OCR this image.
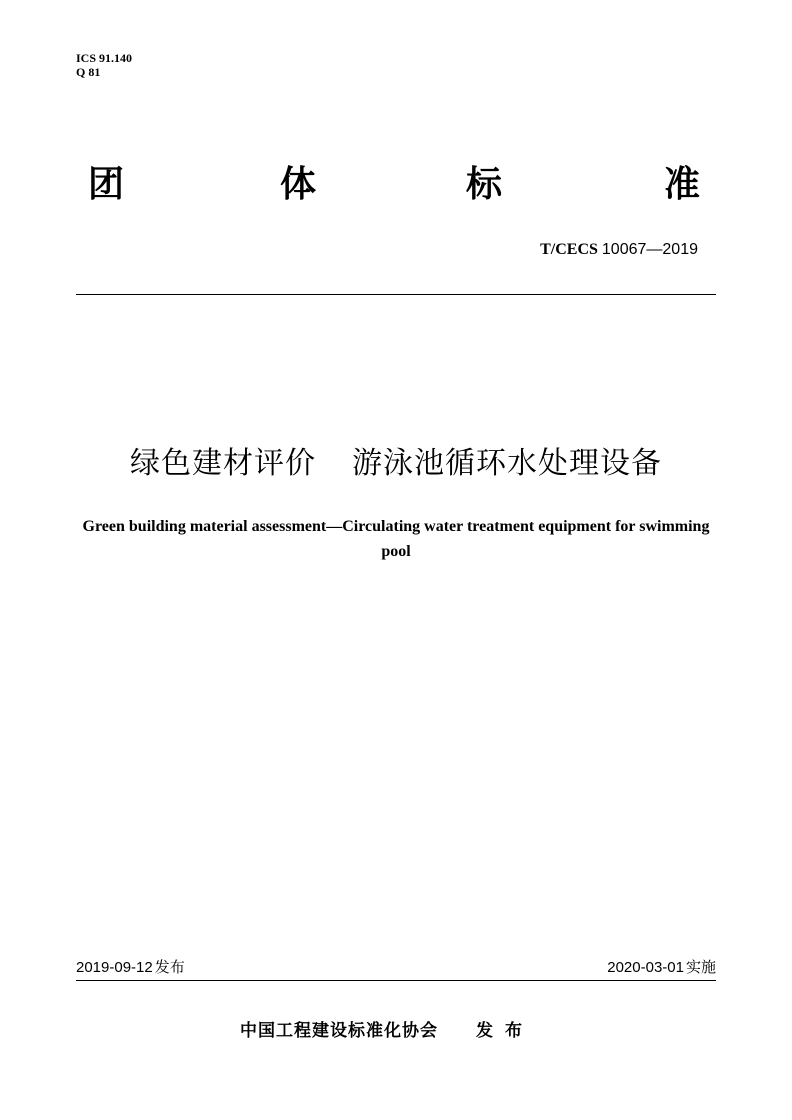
ICS 91.140
Q 81
团	体	标	准
T/CECS 10067—2019
绿色建材评价 游泳池循环水处理设备
Green building material assessment—Circulating water treatment equipment for swimming pool
2019-09-12 发布	2020-03-01 实施
中国工程建设标准化协会 发布
